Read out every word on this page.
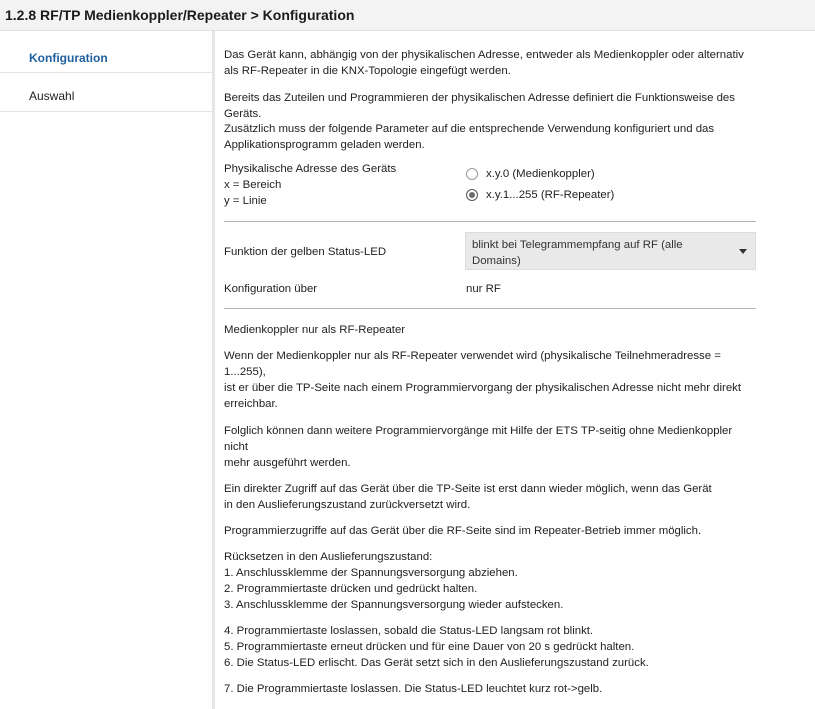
1.2.8 RF/TP Medienkoppler/Repeater > Konfiguration
Konfiguration
Auswahl
Das Gerät kann, abhängig von der physikalischen Adresse, entweder als Medienkoppler oder alternativ
als RF-Repeater in die KNX-Topologie eingefügt werden.
Bereits das Zuteilen und Programmieren der physikalischen Adresse definiert die Funktionsweise des
Geräts.
Zusätzlich muss der folgende Parameter auf die entsprechende Verwendung konfiguriert und das
Applikationsprogramm geladen werden.
Physikalische Adresse des Geräts
x = Bereich
y = Linie
x.y.0 (Medienkoppler)
x.y.1...255 (RF-Repeater)
Funktion der gelben Status-LED
blinkt bei Telegrammempfang auf RF (alle Domains)
Konfiguration über	nur RF
Medienkoppler nur als RF-Repeater
Wenn der Medienkoppler nur als RF-Repeater verwendet wird (physikalische Teilnehmeradresse =
1...255),
ist er über die TP-Seite nach einem Programmiervorgang der physikalischen Adresse nicht mehr direkt
erreichbar.
Folglich können dann weitere Programmiervorgänge mit Hilfe der ETS TP-seitig ohne Medienkoppler
nicht
mehr ausgeführt werden.
Ein direkter Zugriff auf das Gerät über die TP-Seite ist erst dann wieder möglich, wenn das Gerät
in den Auslieferungszustand zurückversetzt wird.
Programmierzugriffe auf das Gerät über die RF-Seite sind im Repeater-Betrieb immer möglich.
Rücksetzen in den Auslieferungszustand:
1. Anschlussklemme der Spannungsversorgung abziehen.
2. Programmiertaste drücken und gedrückt halten.
3. Anschlussklemme der Spannungsversorgung wieder aufstecken.
4. Programmiertaste loslassen, sobald die Status-LED langsam rot blinkt.
5. Programmiertaste erneut drücken und für eine Dauer von 20 s gedrückt halten.
6. Die Status-LED erlischt. Das Gerät setzt sich in den Auslieferungszustand zurück.
7. Die Programmiertaste loslassen. Die Status-LED leuchtet kurz rot->gelb.
